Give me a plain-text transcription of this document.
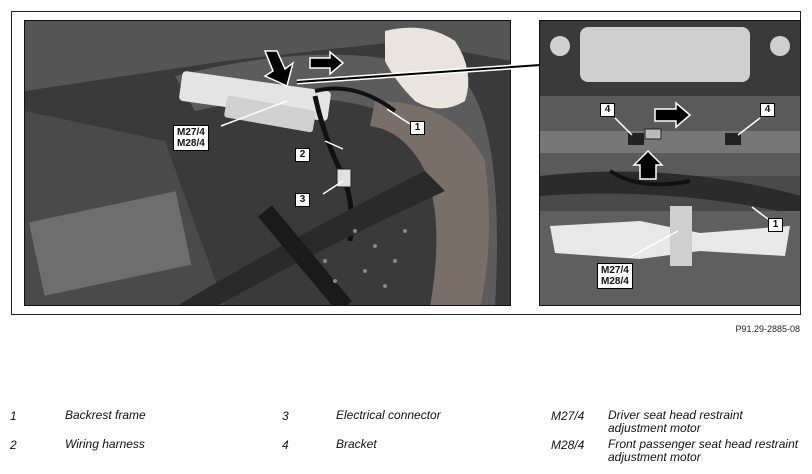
1
2
3
M27/4
M28/4
4	4
1
M27/4
M28/4
P91.29-2885-08
1	Backrest frame	3	Electrical connector	M27/4 Driver seat head restraint adjustment motor
2	Wiring harness	4	Bracket	M28/4 Front passenger seat head restraint adjustment motor
